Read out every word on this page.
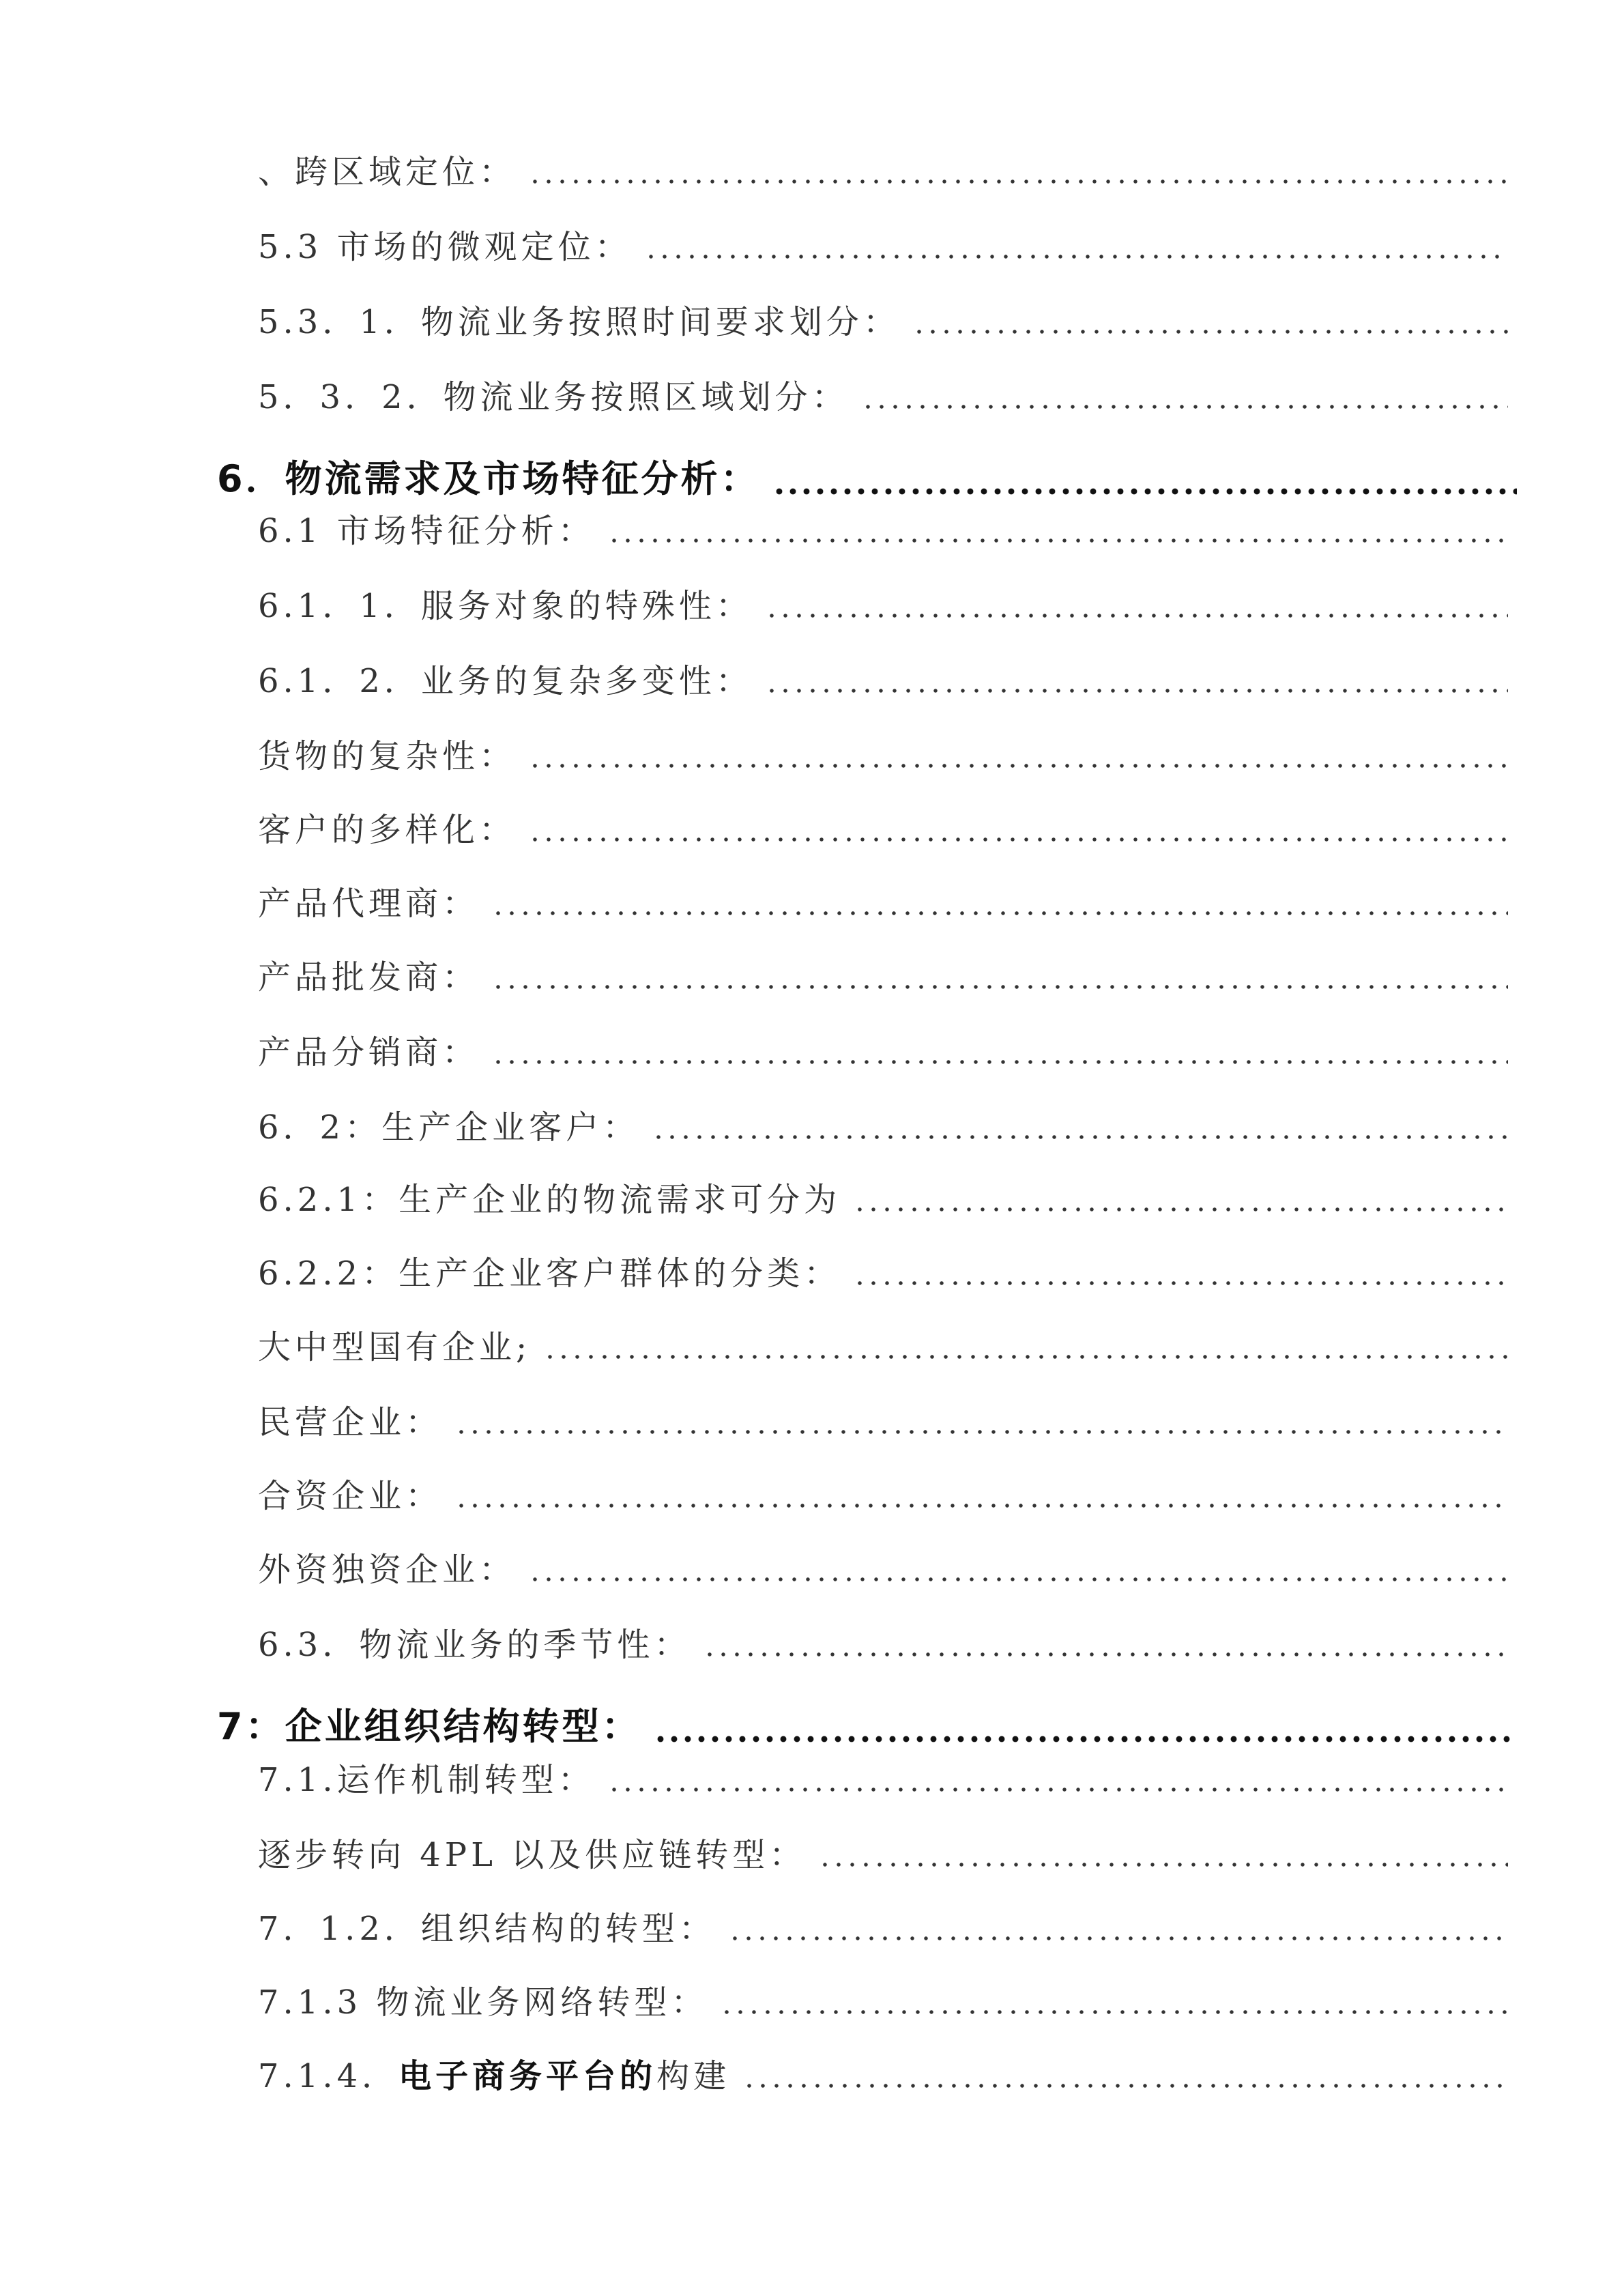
、跨区域定位：
5.3 市场的微观定位：
5.3．1．物流业务按照时间要求划分：
5．3．2．物流业务按照区域划分：
6．物流需求及市场特征分析：
6.1 市场特征分析：
6.1．1．服务对象的特殊性：
6.1．2．业务的复杂多变性：
货物的复杂性：
客户的多样化：
产品代理商：
产品批发商：
产品分销商：
6．2：生产企业客户：
6.2.1：生产企业的物流需求可分为
6.2.2：生产企业客户群体的分类：
大中型国有企业;
民营企业：
合资企业：
外资独资企业：
6.3．物流业务的季节性：
7：企业组织结构转型：
7.1.运作机制转型：
逐步转向 4PL 以及供应链转型：
7．1.2．组织结构的转型：
7.1.3 物流业务网络转型：
7.1.4．电子商务平台的构建
